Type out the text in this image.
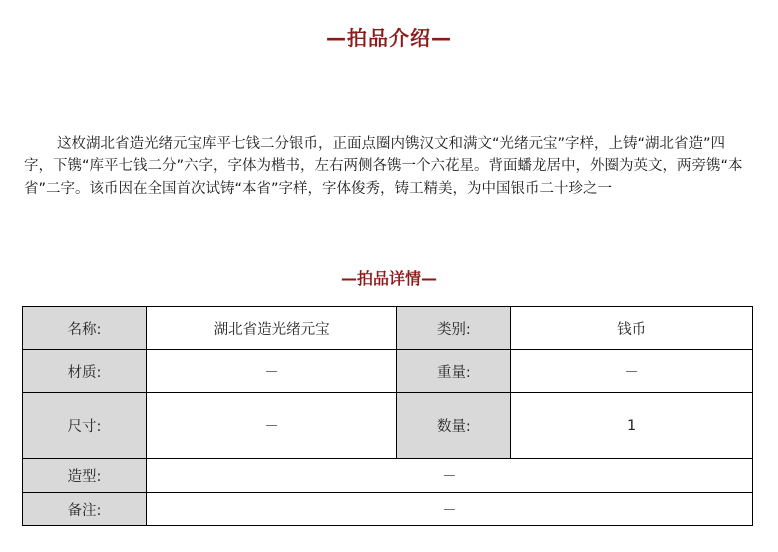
—拍品介绍—

这枚湖北省造光绪元宝库平七钱二分银币，正面点圈内镌汉文和满文“光绪元宝”字样，上铸“湖北省造”四字，下镌“库平七钱二分”六字，字体为楷书，左右两侧各镌一个六花星。背面蟠龙居中，外圈为英文，两旁镌“本省”二字。该币因在全国首次试铸“本省”字样，字体俊秀，铸工精美，为中国银币二十珍之一

—拍品详情—
名称:	湖北省造光绪元宝	类别:	钱币
材质:	－	重量:	－
尺寸:	－	数量:	1
造型:	－		
备注:	－		
